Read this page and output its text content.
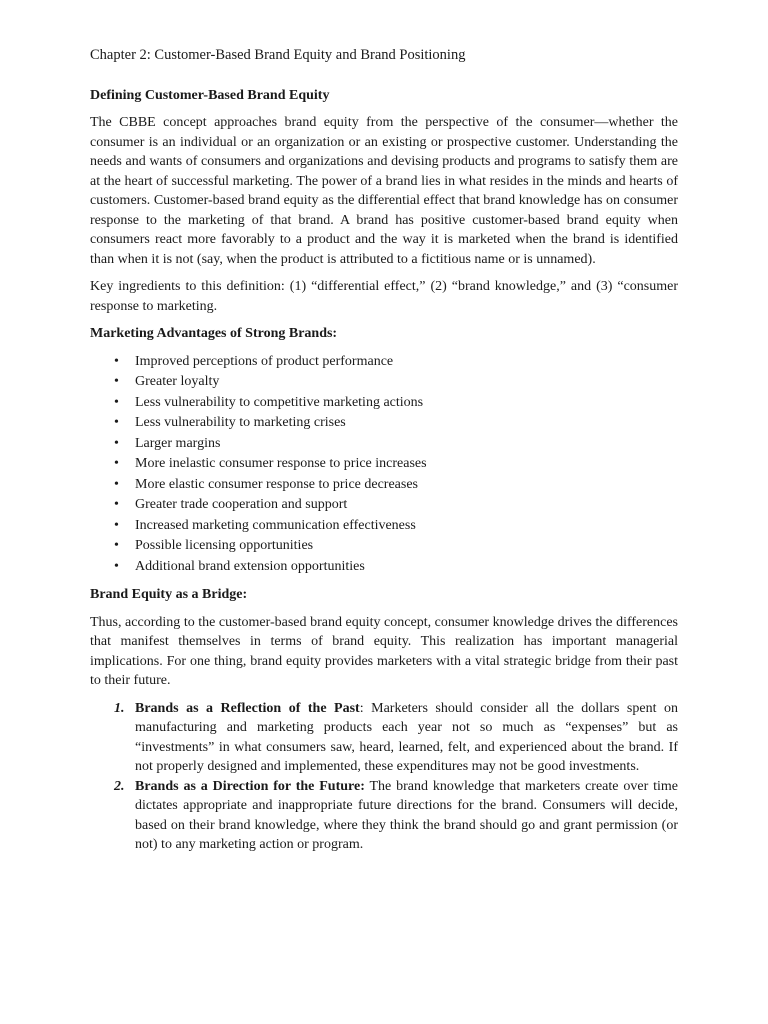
Chapter 2: Customer-Based Brand Equity and Brand Positioning
Defining Customer-Based Brand Equity

The CBBE concept approaches brand equity from the perspective of the consumer—whether the consumer is an individual or an organization or an existing or prospective customer. Understanding the needs and wants of consumers and organizations and devising products and programs to satisfy them are at the heart of successful marketing. The power of a brand lies in what resides in the minds and hearts of customers. Customer-based brand equity as the differential effect that brand knowledge has on consumer response to the marketing of that brand. A brand has positive customer-based brand equity when consumers react more favorably to a product and the way it is marketed when the brand is identified than when it is not (say, when the product is attributed to a fictitious name or is unnamed).

Key ingredients to this definition: (1) “differential effect,” (2) “brand knowledge,” and (3) “consumer response to marketing.

Marketing Advantages of Strong Brands:
• Improved perceptions of product performance
• Greater loyalty
• Less vulnerability to competitive marketing actions
• Less vulnerability to marketing crises
• Larger margins
• More inelastic consumer response to price increases
• More elastic consumer response to price decreases
• Greater trade cooperation and support
• Increased marketing communication effectiveness
• Possible licensing opportunities
• Additional brand extension opportunities
Brand Equity as a Bridge:

Thus, according to the customer-based brand equity concept, consumer knowledge drives the differences that manifest themselves in terms of brand equity. This realization has important managerial implications. For one thing, brand equity provides marketers with a vital strategic bridge from their past to their future.

1. Brands as a Reflection of the Past: Marketers should consider all the dollars spent on manufacturing and marketing products each year not so much as “expenses” but as “investments” in what consumers saw, heard, learned, felt, and experienced about the brand. If not properly designed and implemented, these expenditures may not be good investments.
2. Brands as a Direction for the Future: The brand knowledge that marketers create over time dictates appropriate and inappropriate future directions for the brand. Consumers will decide, based on their brand knowledge, where they think the brand should go and grant permission (or not) to any marketing action or program.
